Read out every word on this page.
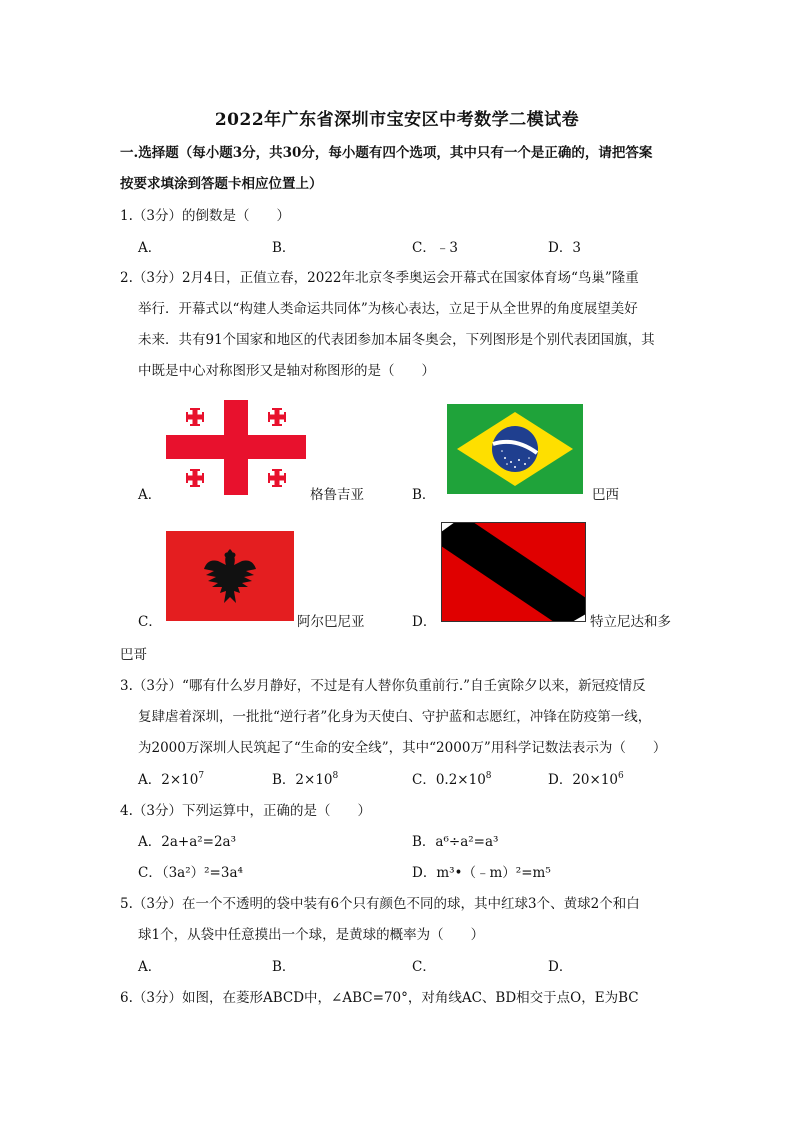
2022年广东省深圳市宝安区中考数学二模试卷
一.选择题（每小题3分，共30分，每小题有四个选项，其中只有一个是正确的，请把答案
按要求填涂到答题卡相应位置上）
1.（3分）的倒数是（　　）
A．	B．	C．﹣3	D．3
2.（3分）2月4日，正值立春，2022年北京冬季奥运会开幕式在国家体育场“鸟巢”隆重
举行．开幕式以“构建人类命运共同体”为核心表达，立足于从全世界的角度展望美好
未来．共有91个国家和地区的代表团参加本届冬奥会，下列图形是个别代表团国旗，其
中既是中心对称图形又是轴对称图形的是（　　）
A．	格鲁吉亚	B．	巴西
C．	阿尔巴尼亚	D．	特立尼达和多
巴哥
3.（3分）“哪有什么岁月静好，不过是有人替你负重前行.”自壬寅除夕以来，新冠疫情反
复肆虐着深圳，一批批“逆行者”化身为天使白、守护蓝和志愿红，冲锋在防疫第一线，
为2000万深圳人民筑起了“生命的安全线”，其中“2000万”用科学记数法表示为（　　）
A．$2\times 10^7$	B．$2\times 10^8$	C．$0.2\times 10^8$	D．$20\times 10^6$
4.（3分）下列运算中，正确的是（　　）
A．2a+a²=2a³	B．a⁶÷a²=a³
C．（3a²）²=3a⁴	D．m³•（﹣m）²=m⁵
5.（3分）在一个不透明的袋中装有6个只有颜色不同的球，其中红球3个、黄球2个和白
球1个，从袋中任意摸出一个球，是黄球的概率为（　　）
A．	B．	C．	D．
6.（3分）如图，在菱形ABCD中，∠ABC=70°，对角线AC、BD相交于点O，E为BC
